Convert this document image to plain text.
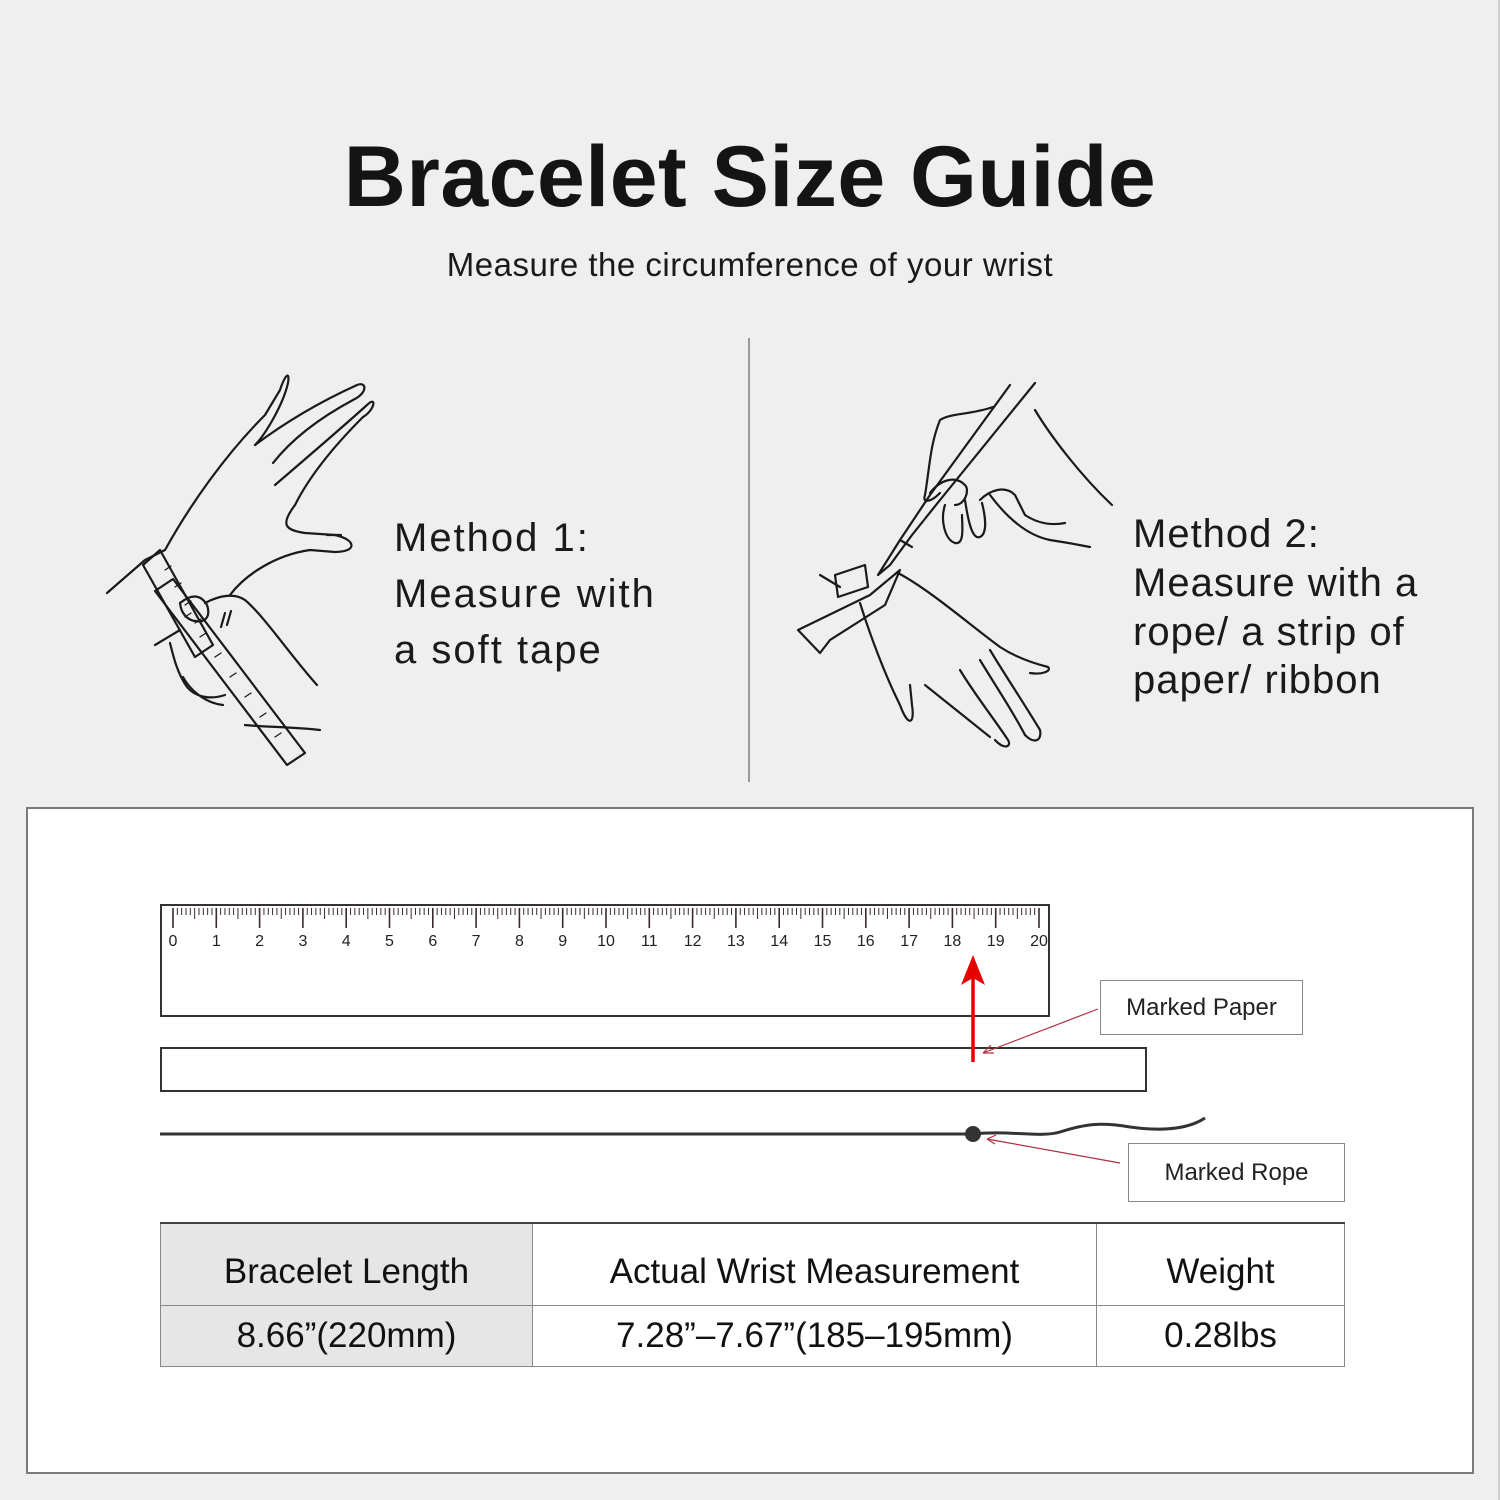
Bracelet Size Guide
Measure the circumference of your wrist
Method 1:
Measure with
a soft tape
Method 2:
Measure with a
rope/ a strip of
paper/ ribbon
0 1 2 3 4 5 6 7 8 9 10 11 12 13 14 15 16 17 18 19 20
Marked Paper
Marked Rope
Bracelet Length	Actual Wrist Measurement	Weight
8.66”(220mm)	7.28”–7.67”(185–195mm)	0.28lbs
